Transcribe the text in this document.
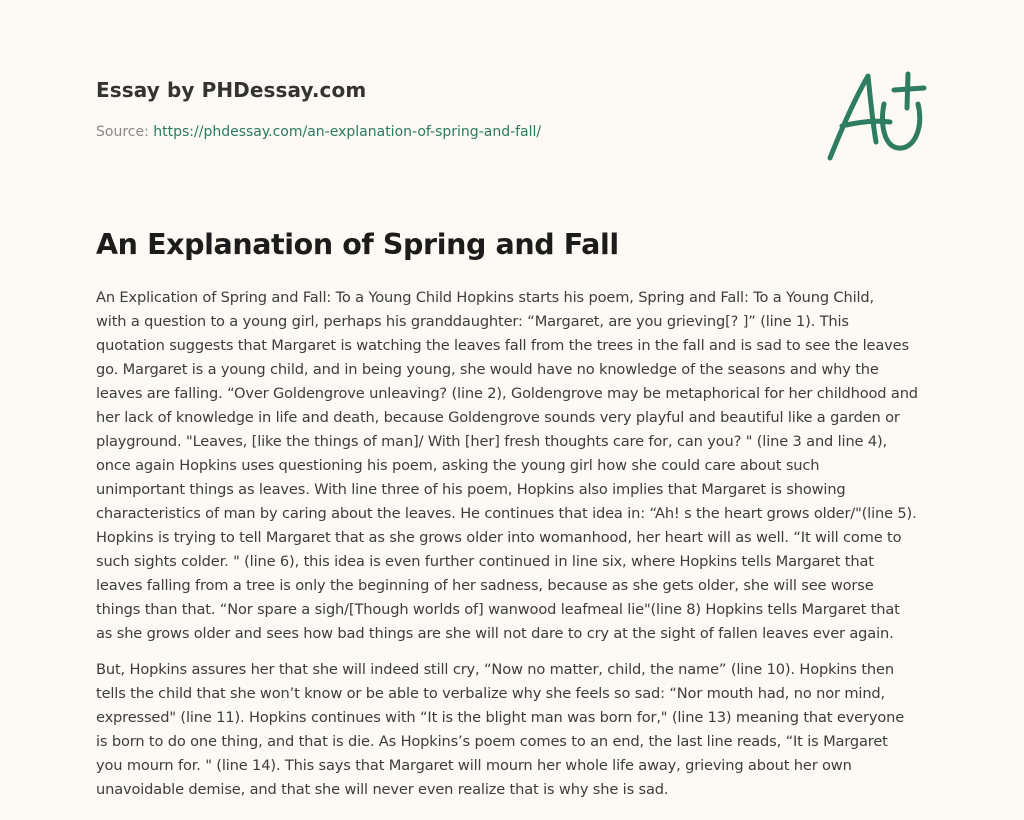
Essay by PHDessay.com
Source: https://phdessay.com/an-explanation-of-spring-and-fall/
An Explanation of Spring and Fall

An Explication of Spring and Fall: To a Young Child Hopkins starts his poem, Spring and Fall: To a Young Child,
with a question to a young girl, perhaps his granddaughter: “Margaret, are you grieving[? ]” (line 1). This
quotation suggests that Margaret is watching the leaves fall from the trees in the fall and is sad to see the leaves
go. Margaret is a young child, and in being young, she would have no knowledge of the seasons and why the
leaves are falling. “Over Goldengrove unleaving? (line 2), Goldengrove may be metaphorical for her childhood and
her lack of knowledge in life and death, because Goldengrove sounds very playful and beautiful like a garden or
playground. "Leaves, [like the things of man]/ With [her] fresh thoughts care for, can you? " (line 3 and line 4),
once again Hopkins uses questioning his poem, asking the young girl how she could care about such
unimportant things as leaves. With line three of his poem, Hopkins also implies that Margaret is showing
characteristics of man by caring about the leaves. He continues that idea in: “Ah! s the heart grows older/"(line 5).
Hopkins is trying to tell Margaret that as she grows older into womanhood, her heart will as well. “It will come to
such sights colder. " (line 6), this idea is even further continued in line six, where Hopkins tells Margaret that
leaves falling from a tree is only the beginning of her sadness, because as she gets older, she will see worse
things than that. “Nor spare a sigh/[Though worlds of] wanwood leafmeal lie"(line 8) Hopkins tells Margaret that
as she grows older and sees how bad things are she will not dare to cry at the sight of fallen leaves ever again.

But, Hopkins assures her that she will indeed still cry, “Now no matter, child, the name” (line 10). Hopkins then
tells the child that she won’t know or be able to verbalize why she feels so sad: “Nor mouth had, no nor mind,
expressed" (line 11). Hopkins continues with “It is the blight man was born for," (line 13) meaning that everyone
is born to do one thing, and that is die. As Hopkins’s poem comes to an end, the last line reads, “It is Margaret
you mourn for. " (line 14). This says that Margaret will mourn her whole life away, grieving about her own
unavoidable demise, and that she will never even realize that is why she is sad.
